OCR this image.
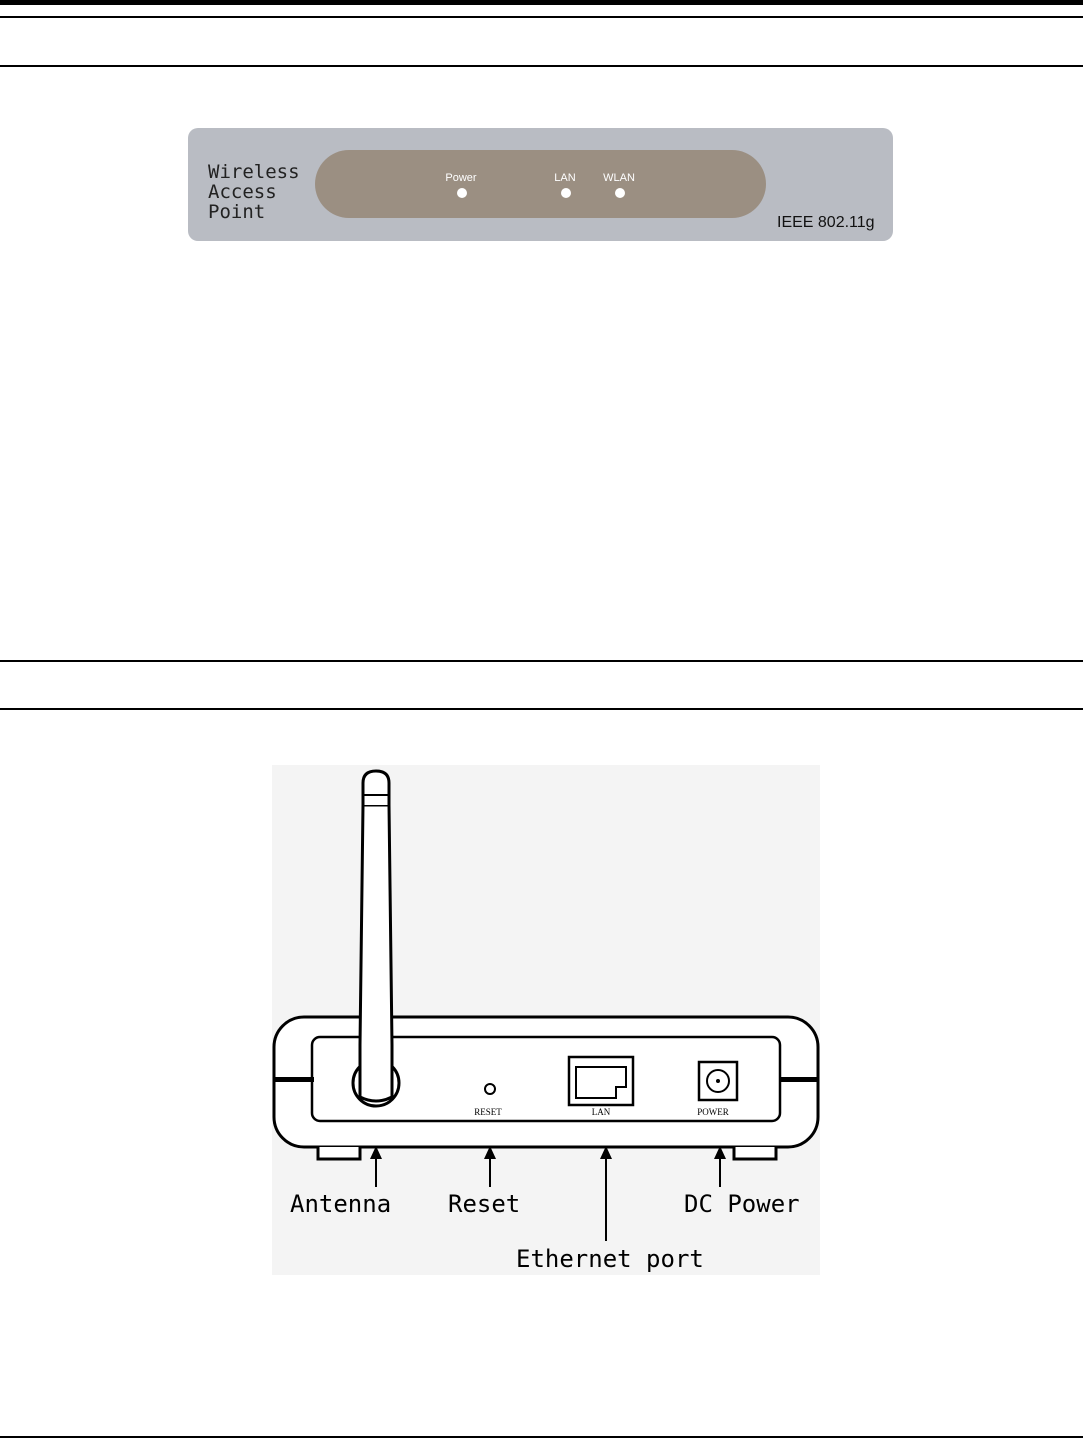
Wireless
Access
Point
Power	LAN WLAN
IEEE 802.11g
RESET	LAN	POWER
Antenna Reset	DC Power
Ethernet port
